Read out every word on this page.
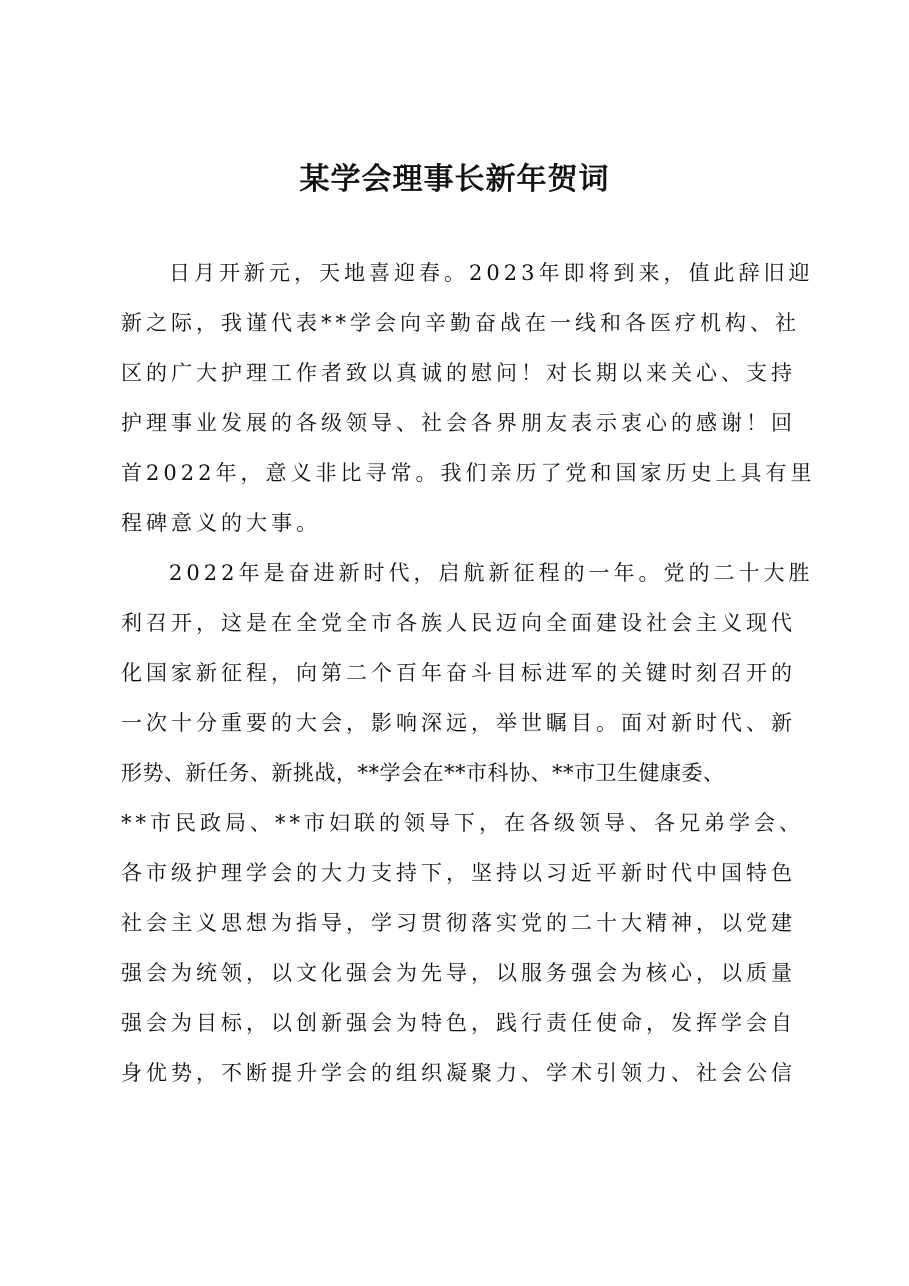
某学会理事长新年贺词
日月开新元，天地喜迎春。2023年即将到来，值此辞旧迎
新之际，我谨代表**学会向辛勤奋战在一线和各医疗机构、社
区的广大护理工作者致以真诚的慰问！对长期以来关心、支持
护理事业发展的各级领导、社会各界朋友表示衷心的感谢！回
首2022年，意义非比寻常。我们亲历了党和国家历史上具有里
程碑意义的大事。
2022年是奋进新时代，启航新征程的一年。党的二十大胜
利召开，这是在全党全市各族人民迈向全面建设社会主义现代
化国家新征程，向第二个百年奋斗目标进军的关键时刻召开的
一次十分重要的大会，影响深远，举世瞩目。面对新时代、新
形势、新任务、新挑战，**学会在**市科协、**市卫生健康委、
**市民政局、**市妇联的领导下，在各级领导、各兄弟学会、
各市级护理学会的大力支持下，坚持以习近平新时代中国特色
社会主义思想为指导，学习贯彻落实党的二十大精神，以党建
强会为统领，以文化强会为先导，以服务强会为核心，以质量
强会为目标，以创新强会为特色，践行责任使命，发挥学会自
身优势，不断提升学会的组织凝聚力、学术引领力、社会公信
